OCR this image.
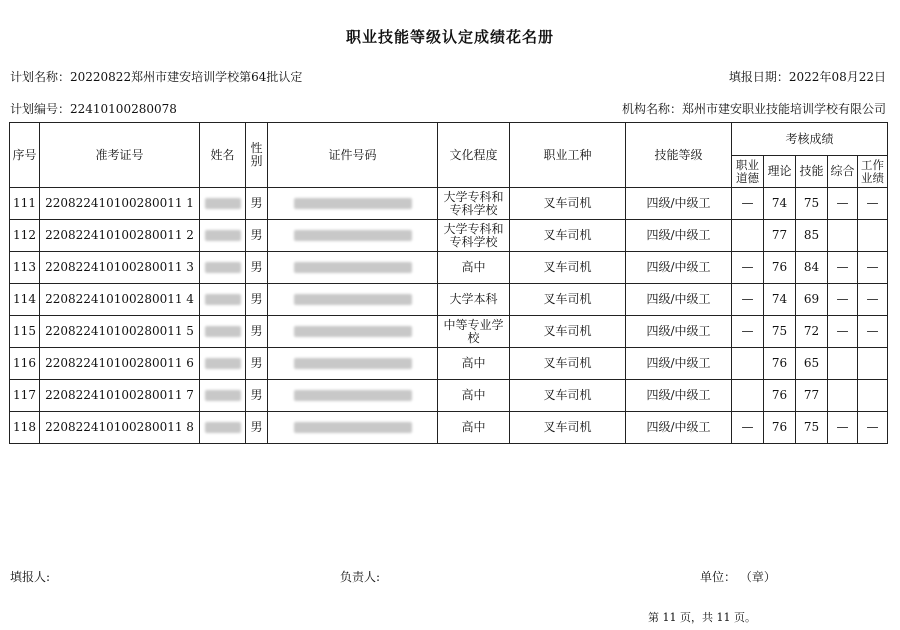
职业技能等级认定成绩花名册
计划名称：20220822郑州市建安培训学校第64批认定	填报日期：2022年08月22日
计划编号：22410100280078	机构名称：郑州市建安职业技能培训学校有限公司
序号	准考证号	姓名	性别	证件号码	文化程度	职业工种	技能等级	考核成绩				
								职业道德	理论	技能	综合	工作业绩
111	220822410100280011 1		男		大学专科和专科学校	叉车司机	四级/中级工	—	74	75	—	—
112	220822410100280011 2		男		大学专科和专科学校	叉车司机	四级/中级工		77	85		
113	220822410100280011 3		男		高中	叉车司机	四级/中级工	—	76	84	—	—
114	220822410100280011 4		男		大学本科	叉车司机	四级/中级工	—	74	69	—	—
115	220822410100280011 5		男		中等专业学校	叉车司机	四级/中级工	—	75	72	—	—
116	220822410100280011 6		男		高中	叉车司机	四级/中级工		76	65		
117	220822410100280011 7		男		高中	叉车司机	四级/中级工		76	77		
118	220822410100280011 8		男		高中	叉车司机	四级/中级工	—	76	75	—	—
填报人:	负责人:	单位： （章）
第 11 页，共 11 页。
